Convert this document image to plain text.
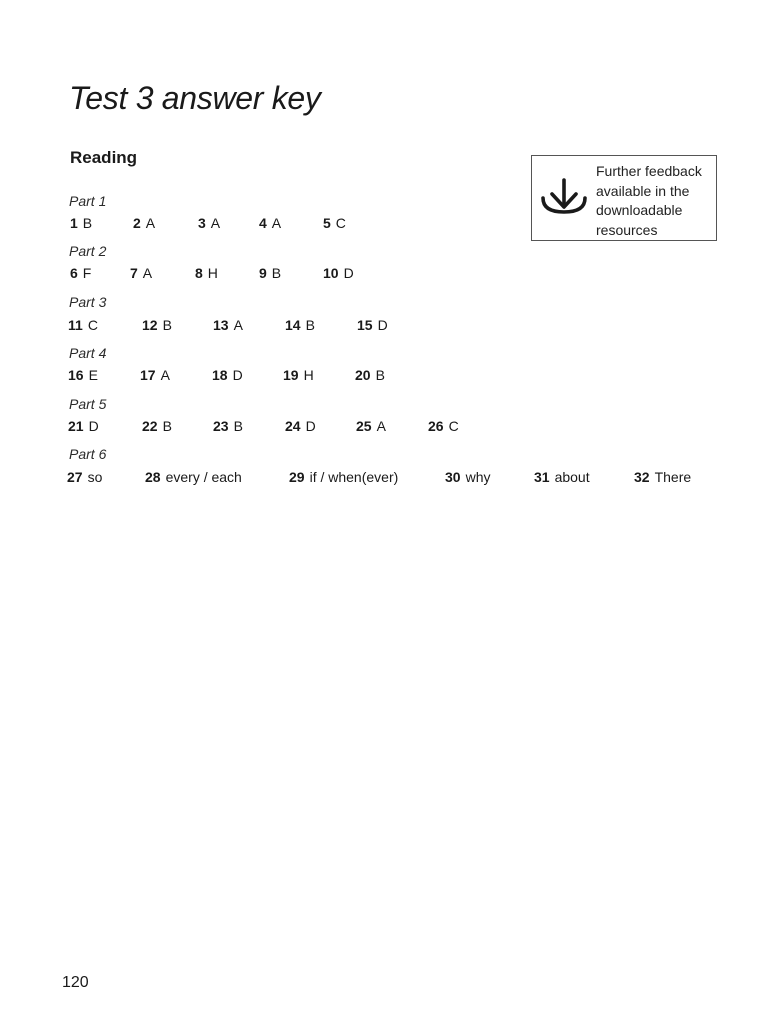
Test 3 answer key
Reading
Further feedback available in the downloadable resources
Part 1
1 B	2 A	3 A	4 A	5 C
Part 2
6 F	7 A	8 H	9 B	10 D
Part 3
11 C	12 B	13 A	14 B	15 D
Part 4
16 E	17 A	18 D	19 H	20 B
Part 5
21 D	22 B	23 B	24 D	25 A	26 C
Part 6
27 so	28 every / each	29 if / when(ever)	30 why	31 about	32 There
120
